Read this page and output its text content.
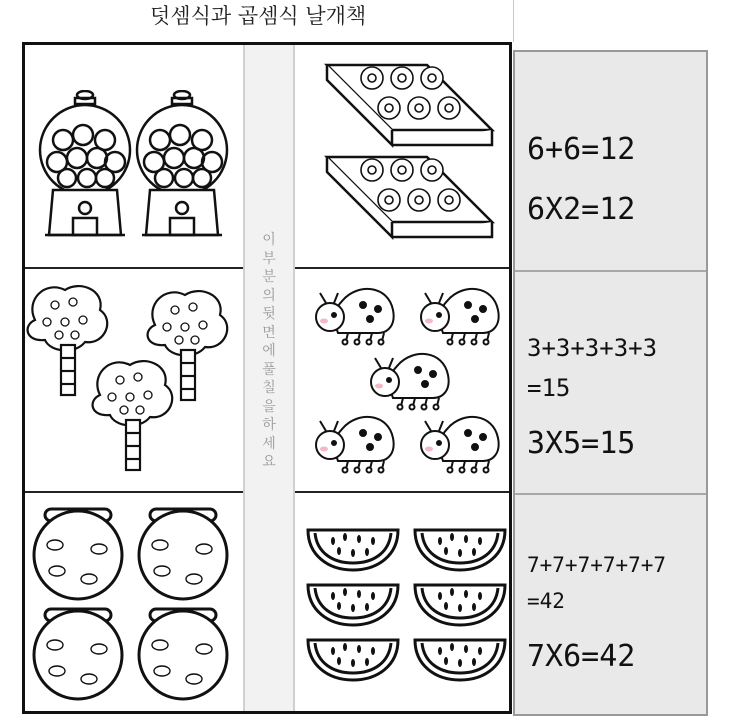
덧셈식과 곱셈식 날개책
이
부
분
의
뒷
면
에
풀
칠
을
하
세
요
6+6=12
6X2=12
3+3+3+3+3
=15
3X5=15
7+7+7+7+7+7
=42
7X6=42
